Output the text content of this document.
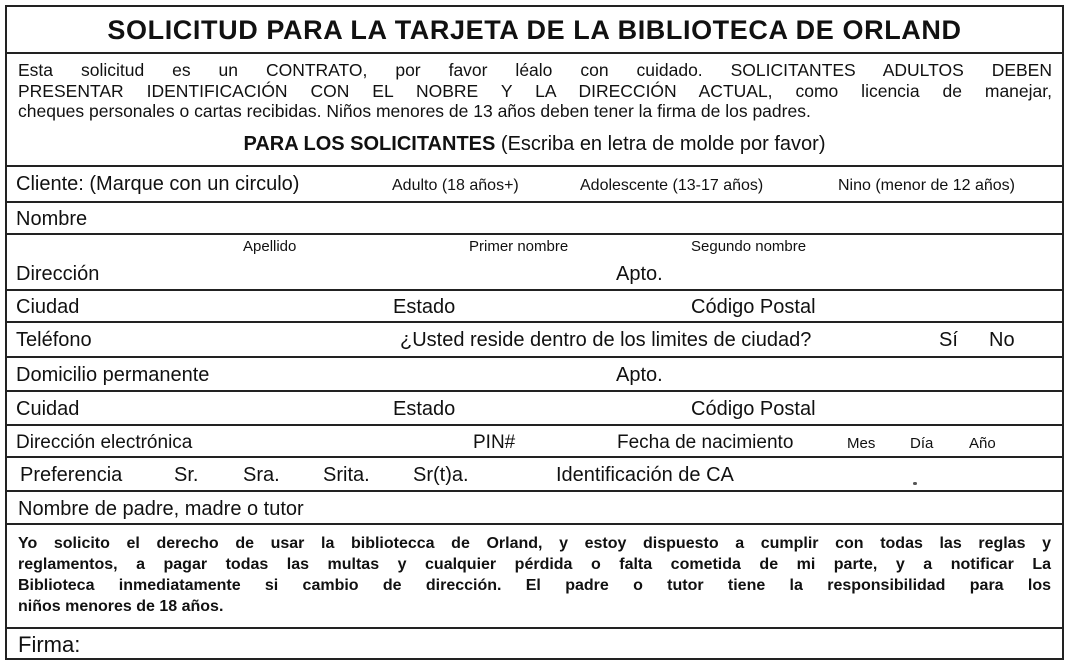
SOLICITUD PARA LA TARJETA DE LA BIBLIOTECA DE ORLAND
Esta solicitud es un CONTRATO, por favor léalo con cuidado. SOLICITANTES ADULTOS DEBEN
PRESENTAR IDENTIFICACIÓN CON EL NOBRE Y LA DIRECCIÓN ACTUAL, como licencia de manejar,
cheques personales o cartas recibidas. Niños menores de 13 años deben tener la firma de los padres.
PARA LOS SOLICITANTES (Escriba en letra de molde por favor)
Cliente: (Marque con un circulo)	Adulto (18 años+)	Adolescente (13-17 años)	Nino (menor de 12 años)
Nombre
Apellido	Primer nombre	Segundo nombre
Dirección	Apto.
Ciudad	Estado	Código Postal
Teléfono	¿Usted reside dentro de los limites de ciudad?	Sí No
Domicilio permanente	Apto.
Cuidad	Estado	Código Postal
Dirección electrónica	PIN#	Fecha de nacimiento	Mes Día Año
Preferencia	Sr. Sra. Srita. Sr(t)a.	Identificación de CA
Nombre de padre, madre o tutor
Yo solicito el derecho de usar la bibliotecca de Orland, y estoy dispuesto a cumplir con todas las reglas y
reglamentos, a pagar todas las multas y cualquier pérdida o falta cometida de mi parte, y a notificar La
Biblioteca inmediatamente si cambio de dirección. El padre o tutor tiene la responsibilidad para los
niños menores de 18 años.
Firma:
